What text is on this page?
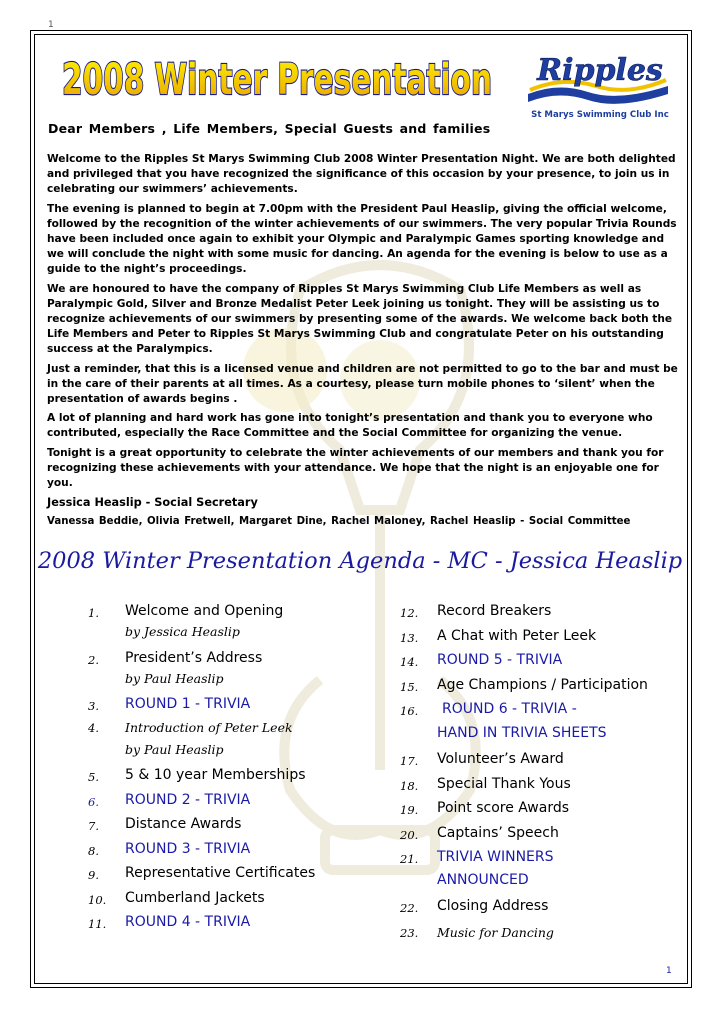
1
2008 Winter Presentation Ripples
St Marys Swimming Club Inc
Dear Members , Life Members, Special Guests and families

Welcome to the Ripples St Marys Swimming Club 2008 Winter Presentation Night. We are both delighted and privileged that you have recognized the significance of this occasion by your presence, to join us in celebrating our swimmers’ achievements.

The evening is planned to begin at 7.00pm with the President Paul Heaslip, giving the official welcome, followed by the recognition of the winter achievements of our swimmers. The very popular Trivia Rounds have been included once again to exhibit your Olympic and Paralympic Games sporting knowledge and we will conclude the night with some music for dancing. An agenda for the evening is below to use as a guide to the night’s proceedings.

We are honoured to have the company of Ripples St Marys Swimming Club Life Members as well as Paralympic Gold, Silver and Bronze Medalist Peter Leek joining us tonight. They will be assisting us to recognize achievements of our swimmers by presenting some of the awards. We welcome back both the Life Members and Peter to Ripples St Marys Swimming Club and congratulate Peter on his outstanding success at the Paralympics.

Just a reminder, that this is a licensed venue and children are not permitted to go to the bar and must be in the care of their parents at all times. As a courtesy, please turn mobile phones to ‘silent’ when the presentation of awards begins .

A lot of planning and hard work has gone into tonight’s presentation and thank you to everyone who contributed, especially the Race Committee and the Social Committee for organizing the venue.

Tonight is a great opportunity to celebrate the winter achievements of our members and thank you for recognizing these achievements with your attendance. We hope that the night is an enjoyable one for you.

Jessica Heaslip - Social Secretary

Vanessa Beddie, Olivia Fretwell, Margaret Dine, Rachel Maloney, Rachel Heaslip - Social Committee

2008 Winter Presentation Agenda - MC - Jessica Heaslip
1. Welcome and Opening
by Jessica Heaslip
2. President’s Address
by Paul Heaslip
3. ROUND 1 - TRIVIA
4. Introduction of Peter Leek
by Paul Heaslip
5. 5 & 10 year Memberships
6. ROUND 2 - TRIVIA
7. Distance Awards
8. ROUND 3 - TRIVIA
9. Representative Certificates
10. Cumberland Jackets
11. ROUND 4 - TRIVIA
12. Record Breakers
13. A Chat with Peter Leek
14. ROUND 5 - TRIVIA
15. Age Champions / Participation
16. ROUND 6 - TRIVIA -
HAND IN TRIVIA SHEETS
17. Volunteer’s Award
18. Special Thank Yous
19. Point score Awards
20. Captains’ Speech
21. TRIVIA WINNERS
ANNOUNCED
22. Closing Address
23. Music for Dancing
1
